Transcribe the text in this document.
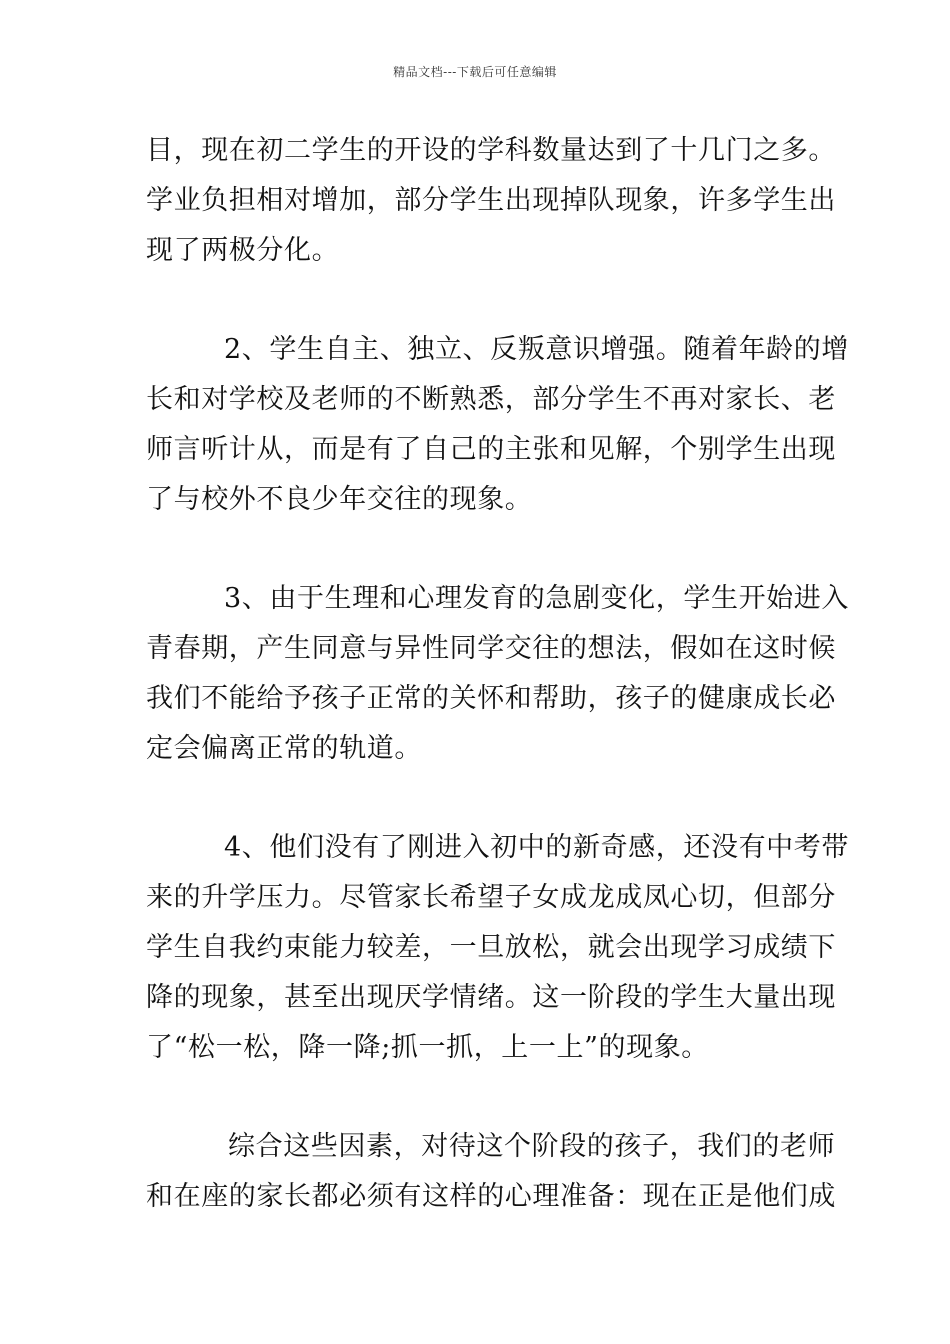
精品文档---下载后可任意编辑
目，现在初二学生的开设的学科数量达到了十几门之多。
学业负担相对增加，部分学生出现掉队现象，许多学生出
现了两极分化。
2、学生自主、独立、反叛意识增强。随着年龄的增
长和对学校及老师的不断熟悉，部分学生不再对家长、老
师言听计从，而是有了自己的主张和见解，个别学生出现
了与校外不良少年交往的现象。
3、由于生理和心理发育的急剧变化，学生开始进入
青春期，产生同意与异性同学交往的想法，假如在这时候
我们不能给予孩子正常的关怀和帮助，孩子的健康成长必
定会偏离正常的轨道。
4、他们没有了刚进入初中的新奇感，还没有中考带
来的升学压力。尽管家长希望子女成龙成凤心切，但部分
学生自我约束能力较差，一旦放松，就会出现学习成绩下
降的现象，甚至出现厌学情绪。这一阶段的学生大量出现
了“松一松，降一降;抓一抓，上一上”的现象。
综合这些因素，对待这个阶段的孩子，我们的老师
和在座的家长都必须有这样的心理准备：现在正是他们成
